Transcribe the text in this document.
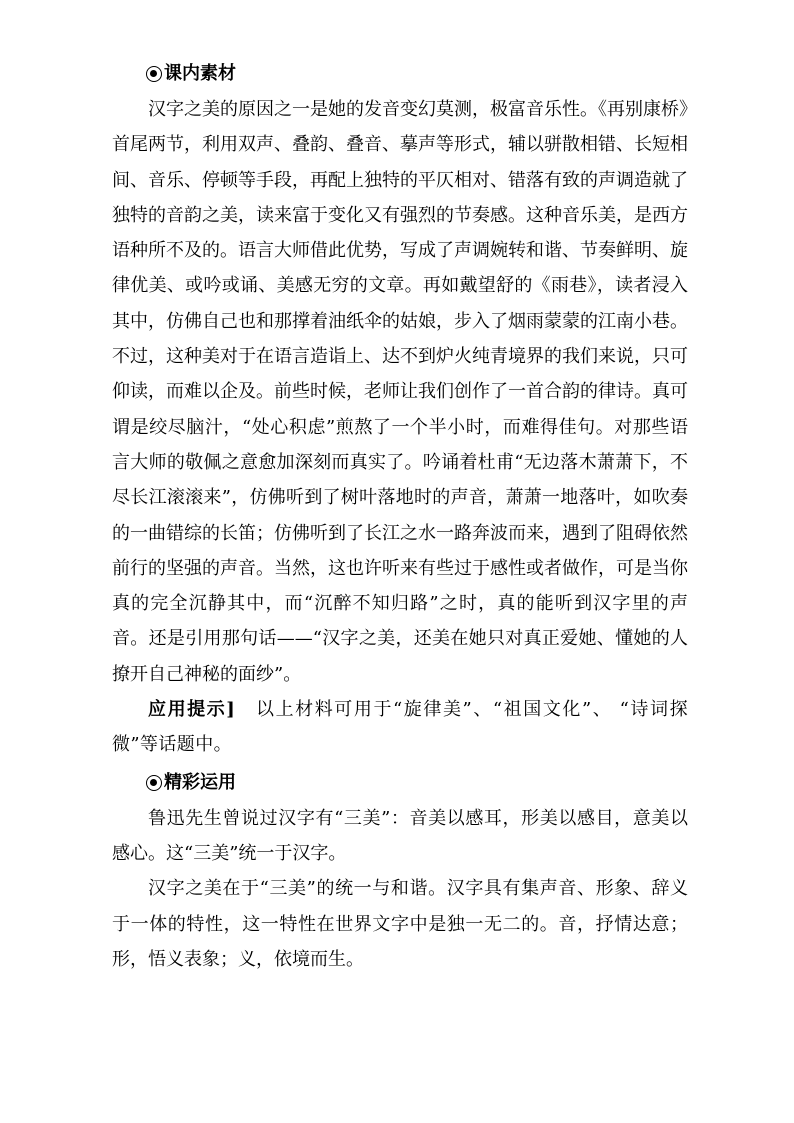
课内素材

汉字之美的原因之一是她的发音变幻莫测，极富音乐性。《再别康桥》首尾两节，利用双声、叠韵、叠音、摹声等形式，辅以骈散相错、长短相间、音乐、停顿等手段，再配上独特的平仄相对、错落有致的声调造就了独特的音韵之美，读来富于变化又有强烈的节奏感。这种音乐美，是西方语种所不及的。语言大师借此优势，写成了声调婉转和谐、节奏鲜明、旋律优美、或吟或诵、美感无穷的文章。再如戴望舒的《雨巷》，读者浸入其中，仿佛自己也和那撑着油纸伞的姑娘，步入了烟雨蒙蒙的江南小巷。不过，这种美对于在语言造诣上、达不到炉火纯青境界的我们来说，只可仰读，而难以企及。前些时候，老师让我们创作了一首合韵的律诗。真可谓是绞尽脑汁，“处心积虑”煎熬了一个半小时，而难得佳句。对那些语言大师的敬佩之意愈加深刻而真实了。吟诵着杜甫“无边落木萧萧下，不尽长江滚滚来”，仿佛听到了树叶落地时的声音，萧萧一地落叶，如吹奏的一曲错综的长笛；仿佛听到了长江之水一路奔波而来，遇到了阻碍依然前行的坚强的声音。当然，这也许听来有些过于感性或者做作，可是当你真的完全沉静其中，而“沉醉不知归路”之时，真的能听到汉字里的声音。还是引用那句话——“汉字之美，还美在她只对真正爱她、懂她的人撩开自己神秘的面纱”。

应用提示]　以上材料可用于“旋律美”、“祖国文化”、 “诗词探微”等话题中。

精彩运用

鲁迅先生曾说过汉字有“三美”：音美以感耳，形美以感目，意美以感心。这“三美”统一于汉字。

汉字之美在于“三美”的统一与和谐。汉字具有集声音、形象、辞义于一体的特性，这一特性在世界文字中是独一无二的。音，抒情达意；形，悟义表象；义，依境而生。
